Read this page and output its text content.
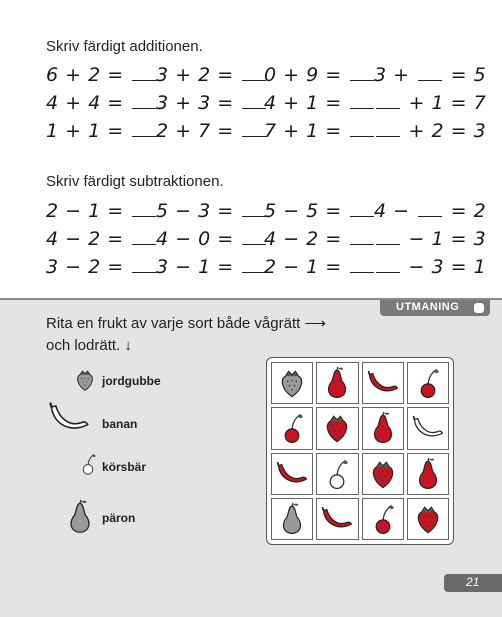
Skriv färdigt additionen.
6 + 2 =	3 + 2 =	0 + 9 =	3 + = 5
4 + 4 =	3 + 3 =	4 + 1 =	+ 1 = 7
1 + 1 =	2 + 7 =	7 + 1 =	+ 2 = 3
Skriv färdigt subtraktionen.
2 − 1 =	5 − 3 =	5 − 5 =	4 − = 2
4 − 2 =	4 − 0 =	4 − 2 =	− 1 = 3
3 − 2 =	3 − 1 =	2 − 1 =	− 3 = 1
UTMANING
Rita en frukt av varje sort både vågrätt ⟶
och lodrätt. ↓
jordgubbe
banan
körsbär
päron
21
